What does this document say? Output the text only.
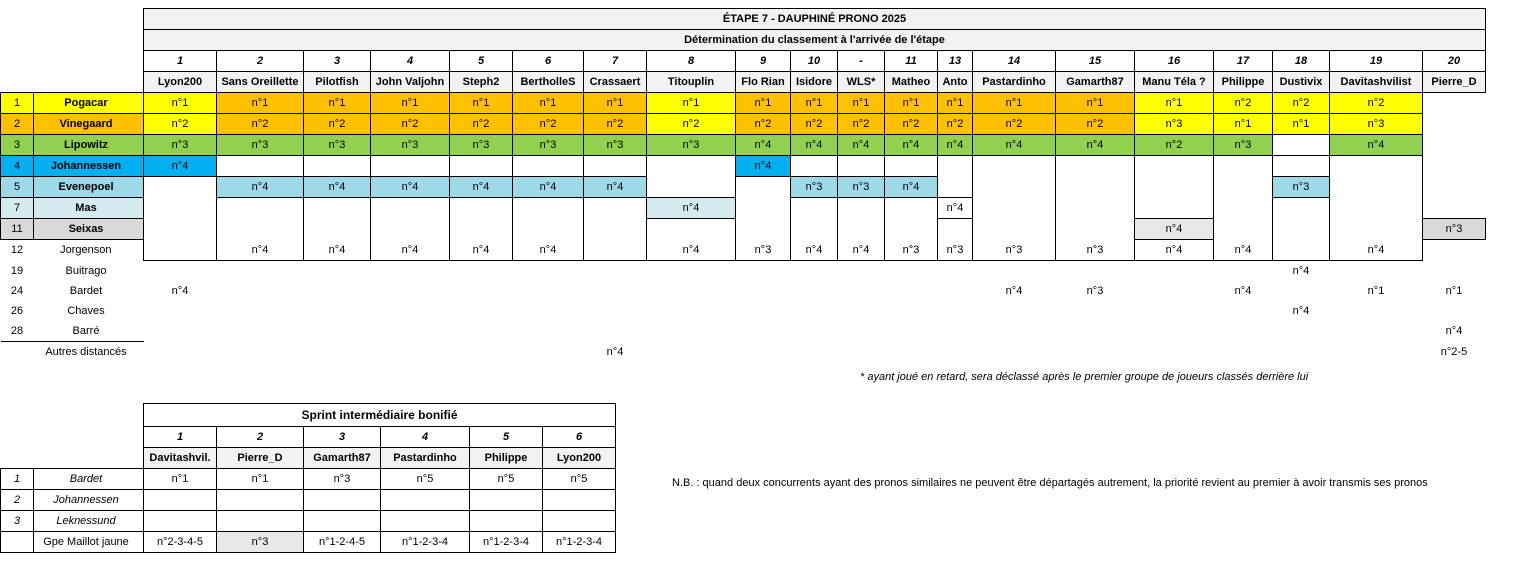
		ÉTAPE 7 - DAUPHINÉ PRONO 2025																			
		Détermination du classement à l'arrivée de l'étape																			
		1	2	3	4	5	6	7	8	9	10	-	11	13	14	15	16	17	18	19	20
		Lyon200	Sans Oreillette	Pilotfish	John Valjohn	Steph2	BertholleS	Crassaert	Titouplin	Flo Rian	Isidore	WLS*	Matheo	Anto	Pastardinho	Gamarth87	Manu Téla ?	Philippe	Dustivix	Davitashvilist	Pierre_D
1	Pogacar	n°1	n°1	n°1	n°1	n°1	n°1	n°1	n°1	n°1	n°1	n°1	n°1	n°1	n°1	n°1	n°1	n°2	n°2	n°2	
2	Vinegaard	n°2	n°2	n°2	n°2	n°2	n°2	n°2	n°2	n°2	n°2	n°2	n°2	n°2	n°2	n°2	n°3	n°1	n°1	n°3	
3	Lipowitz	n°3	n°3	n°3	n°3	n°3	n°3	n°3	n°3	n°4	n°4	n°4	n°4	n°4	n°4	n°4	n°2	n°3		n°4	
4	Johannessen	n°4								n°4											
5	Evenepoel		n°4	n°4	n°4	n°4	n°4	n°4			n°3	n°3	n°4						n°3		
7	Mas								n°4					n°4							
11	Seixas																n°4				n°3
12	Jorgenson		n°4	n°4	n°4	n°4	n°4		n°4	n°3	n°4	n°4	n°3	n°3	n°3	n°3	n°4	n°4		n°4	
19	Buitrago																		n°4		
24	Bardet	n°4													n°4	n°3		n°4		n°1	n°1
26	Chaves																		n°4		
28	Barré																				n°4
	Autres distancés							n°4													n°2-5
* ayant joué en retard, sera déclassé après le premier groupe de joueurs classés derrière lui
N.B. : quand deux concurrents ayant des pronos similaires ne peuvent être départagés autrement, la priorité revient au premier à avoir transmis ses pronos
		Sprint intermédiaire bonifié					
		1	2	3	4	5	6
		Davitashvil.	Pierre_D	Gamarth87	Pastardinho	Philippe	Lyon200
1	Bardet	n°1	n°1	n°3	n°5	n°5	n°5
2	Johannessen						
3	Leknessund						
	Gpe Maillot jaune	n°2-3-4-5	n°3	n°1-2-4-5	n°1-2-3-4	n°1-2-3-4	n°1-2-3-4
